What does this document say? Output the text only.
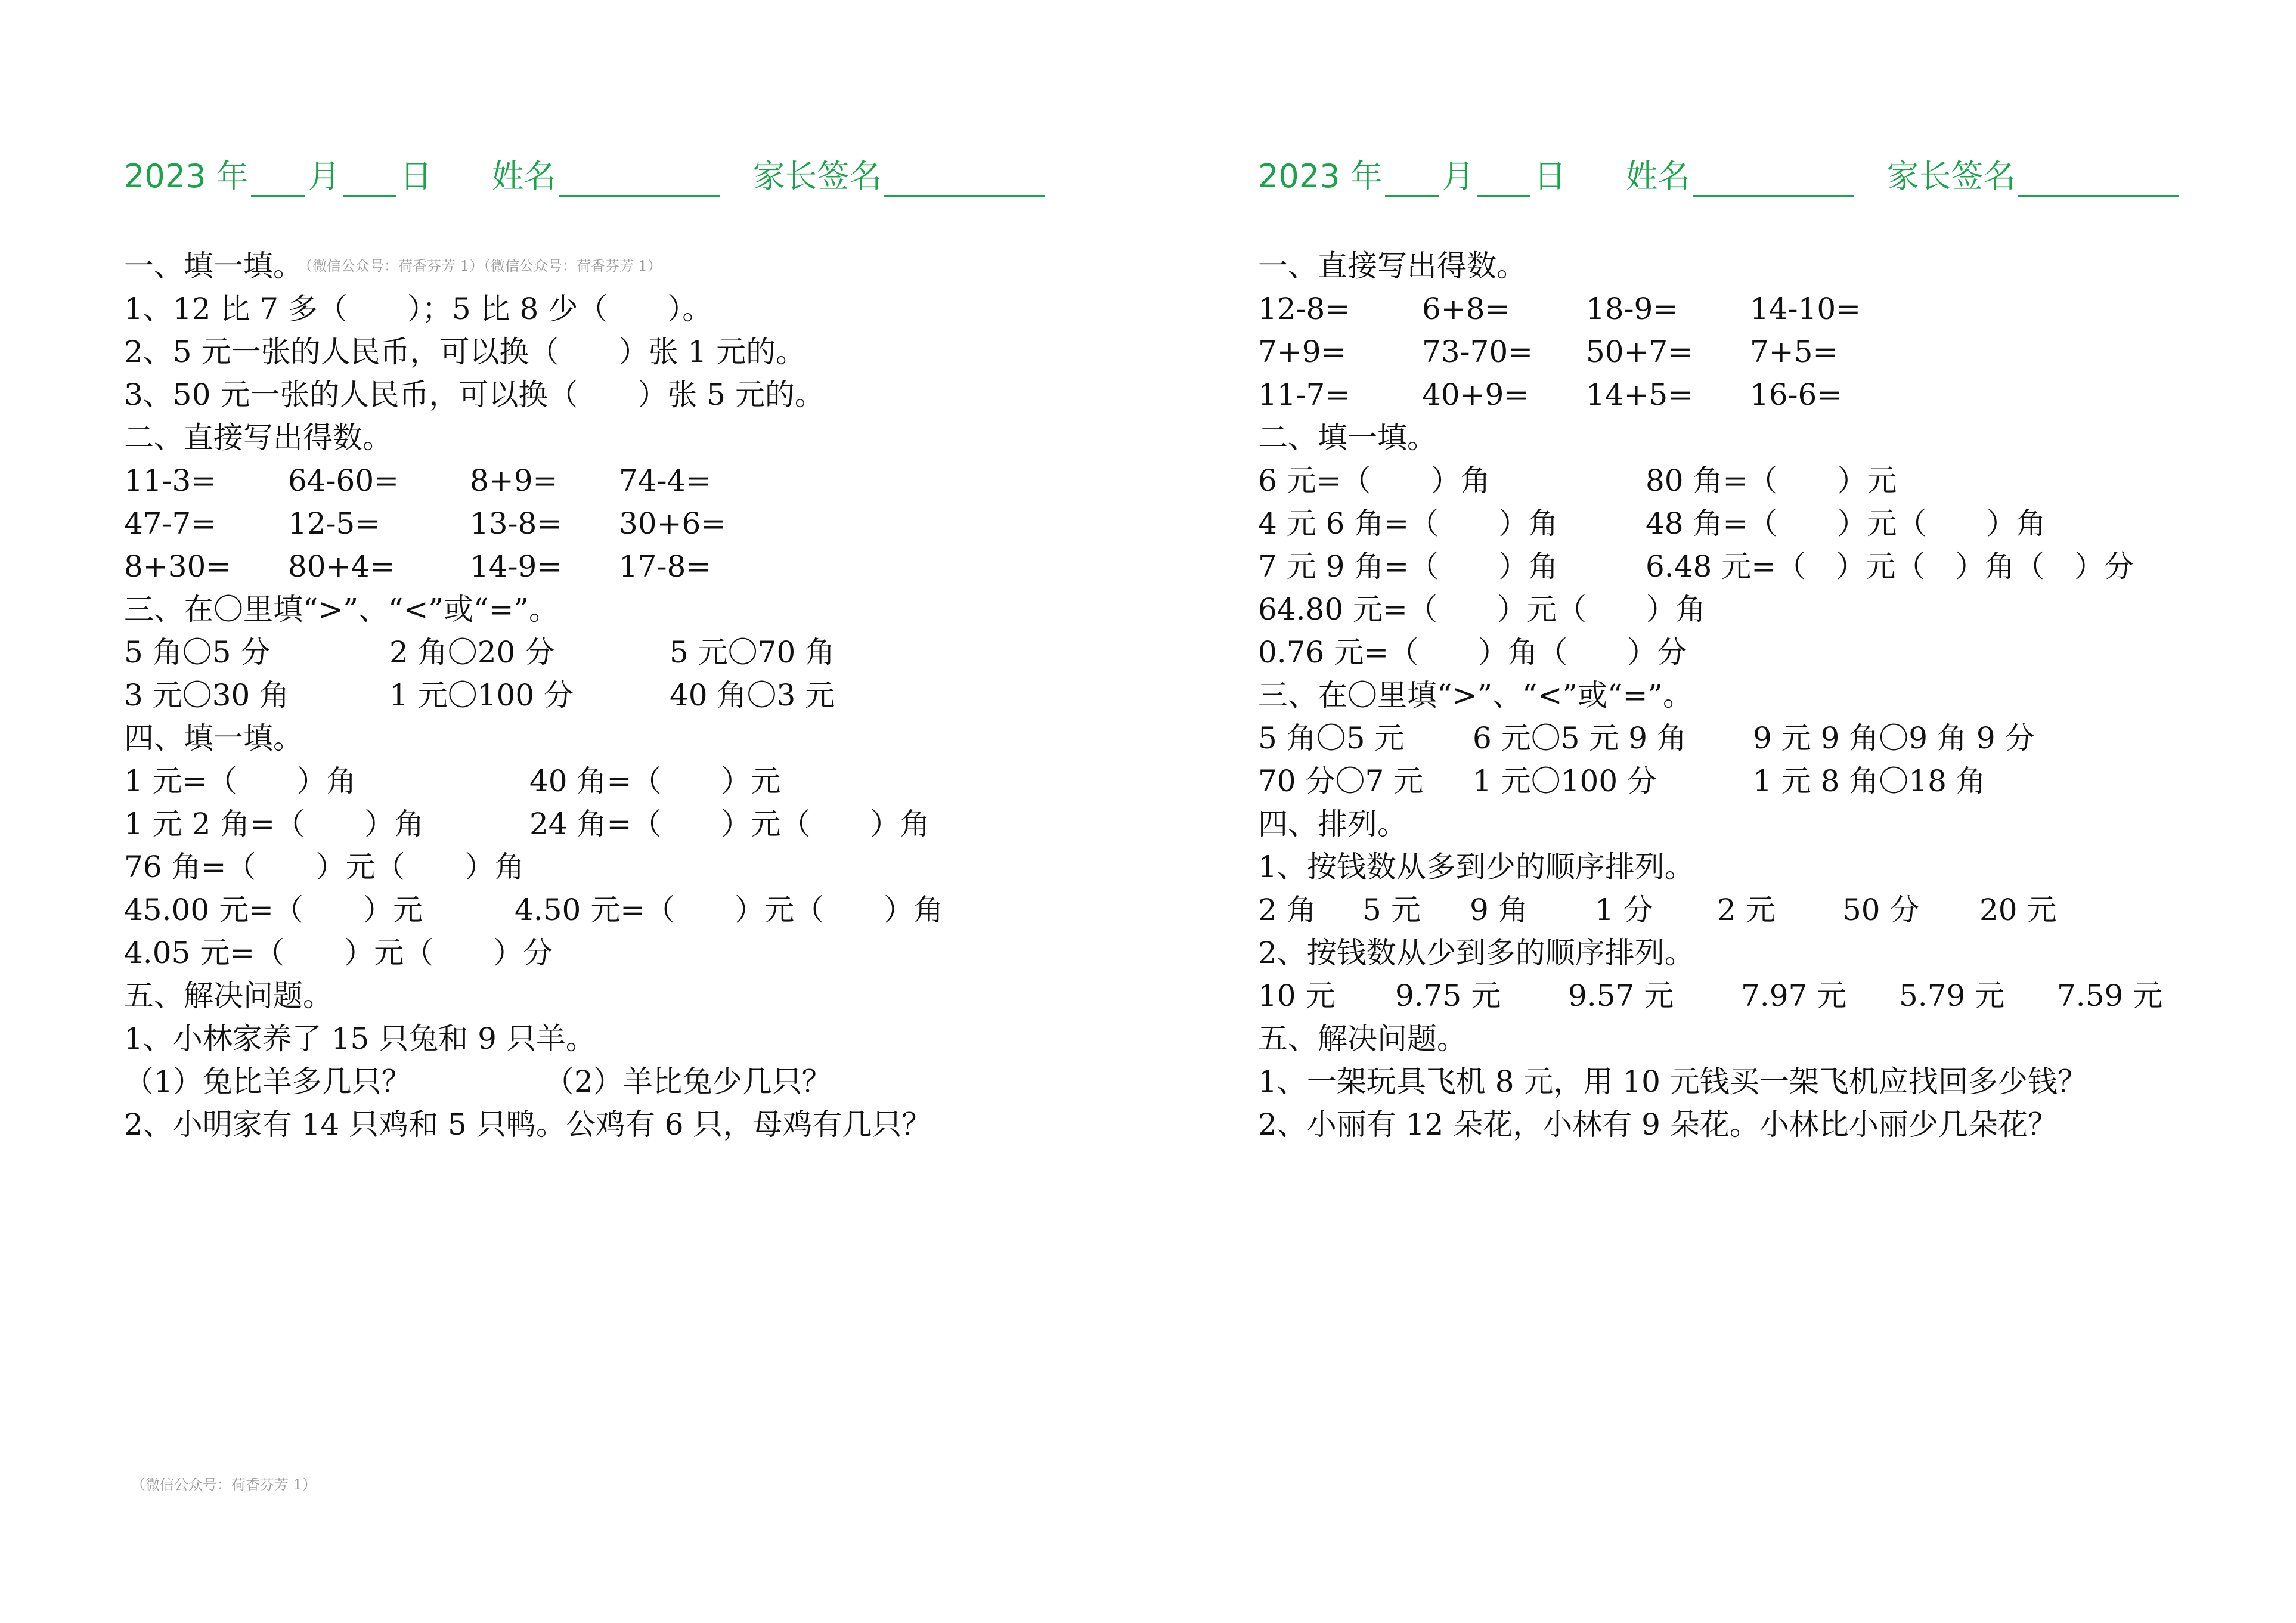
2023 年 月 日 姓名	家长签名
一、填一填。 $^{(微信公众号:荷香芬芳 1)(微信公众号:荷香芬芳 1)}$
1、12 比 7 多（　　）；5 比 8 少（　　）。
2、5 元一张的人民币，可以换（　　）张 1 元的。
3、50 元一张的人民币，可以换（　　）张 5 元的。
二、直接写出得数。
11-3=	64-60=	8+9=	74-4=
47-7=	12-5=	13-8=	30+6=
8+30=	80+4=	14-9=	17-8=
三、在〇里填“>”、“<”或“=”。
5 角〇5 分	2 角〇20 分	5 元〇70 角
3 元〇30 角	1 元〇100 分	40 角〇3 元
四、填一填。
1 元=（　　）角	40 角=（　　）元
1 元 2 角=（　　）角	24 角=（　　）元（　　）角
76 角=（　　）元（　　）角
45.00 元=（　　）元	4.50 元=（　　）元（　　）角
4.05 元=（　　）元（　　）分
五、解决问题。
1、小林家养了 15 只兔和 9 只羊。
（1）兔比羊多几只？	（2）羊比兔少几只？
2、小明家有 14 只鸡和 5 只鸭。公鸡有 6 只，母鸡有几只？
2023 年 月 日 姓名	家长签名
一、直接写出得数。
12-8=	6+8=	18-9=	14-10=
7+9=	73-70=	50+7=	7+5=
11-7=	40+9=	14+5=	16-6=
二、填一填。
6 元=（　　）角	80 角=（　　）元
4 元 6 角=（　　）角	48 角=（　　）元（　　）角
7 元 9 角=（　　）角	6.48 元=（　）元（　）角（　）分
64.80 元=（　　）元（　　）角
0.76 元=（　　）角（　　）分
三、在〇里填“>”、“<”或“=”。
5 角〇5 元	6 元〇5 元 9 角	9 元 9 角〇9 角 9 分
70 分〇7 元	1 元〇100 分	1 元 8 角〇18 角
四、排列。
1、按钱数从多到少的顺序排列。
2 角	5 元	9 角	1 分	2 元	50 分	20 元
2、按钱数从少到多的顺序排列。
10 元	9.75 元	9.57 元	7.97 元	5.79 元	7.59 元
五、解决问题。
1、一架玩具飞机 8 元，用 10 元钱买一架飞机应找回多少钱？
2、小丽有 12 朵花，小林有 9 朵花。小林比小丽少几朵花？
（微信公众号：荷香芬芳 1）
